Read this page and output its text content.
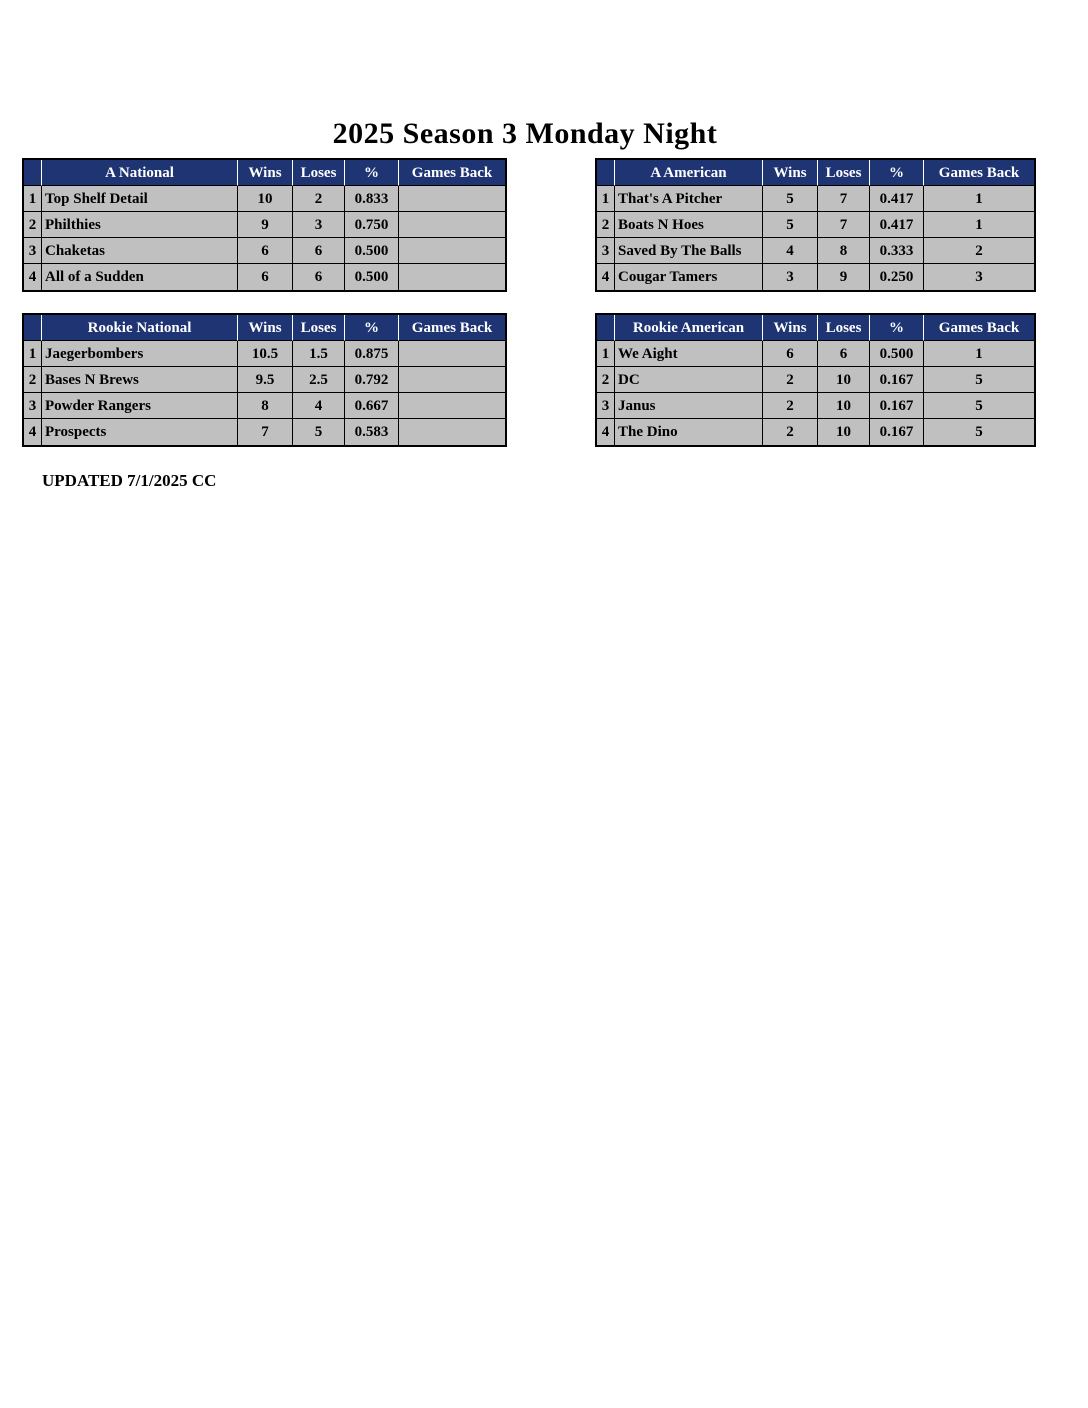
2025 Season 3 Monday Night
	A National	Wins	Loses	%	Games Back
1	Top Shelf Detail	10	2	0.833	
2	Philthies	9	3	0.750	
3	Chaketas	6	6	0.500	
4	All of a Sudden	6	6	0.500	
	A American	Wins	Loses	%	Games Back
1	That's A Pitcher	5	7	0.417	1
2	Boats N Hoes	5	7	0.417	1
3	Saved By The Balls	4	8	0.333	2
4	Cougar Tamers	3	9	0.250	3
	Rookie National	Wins	Loses	%	Games Back
1	Jaegerbombers	10.5	1.5	0.875	
2	Bases N Brews	9.5	2.5	0.792	
3	Powder Rangers	8	4	0.667	
4	Prospects	7	5	0.583	
	Rookie American	Wins	Loses	%	Games Back
1	We Aight	6	6	0.500	1
2	DC	2	10	0.167	5
3	Janus	2	10	0.167	5
4	The Dino	2	10	0.167	5
UPDATED 7/1/2025 CC
